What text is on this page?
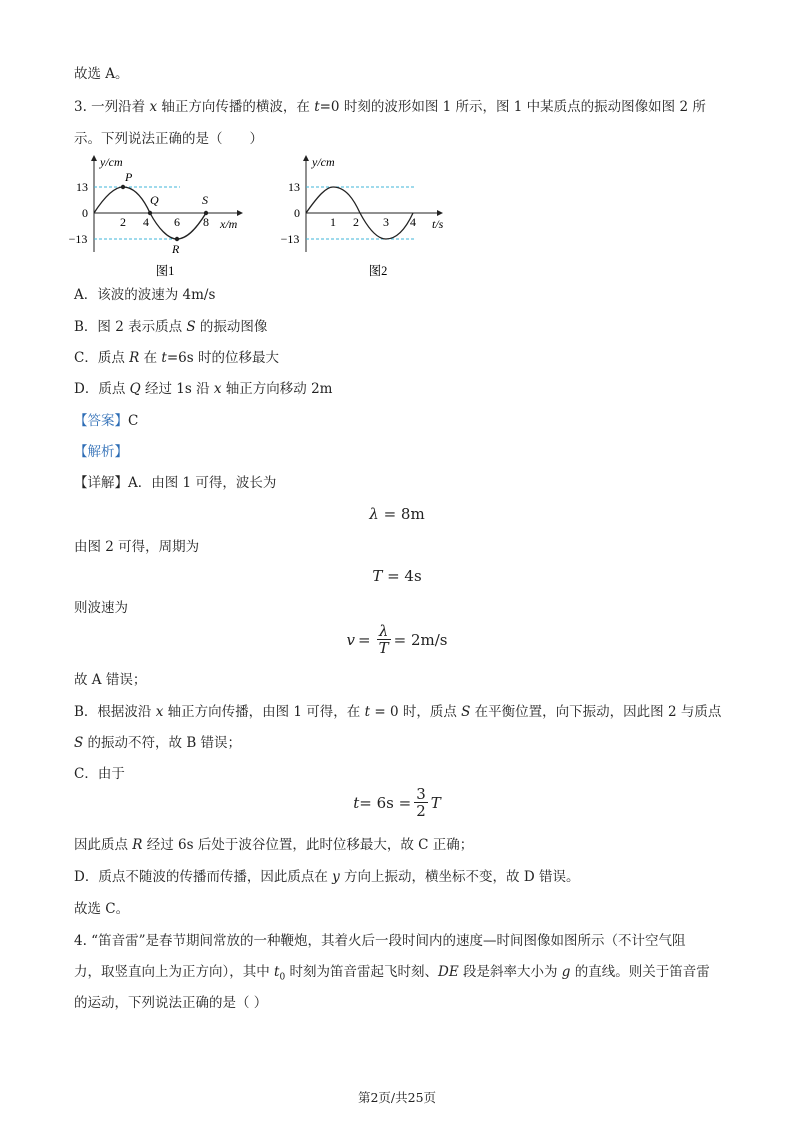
故选 A。
3. 一列沿着 x 轴正方向传播的横波，在 t=0 时刻的波形如图 1 所示，图 1 中某质点的振动图像如图 2 所
示。下列说法正确的是（　　）
y/cm
13
0
−13
2 4 6 8 x/m
P
Q
R
S
图1
y/cm
13
0
−13
1 2 3 4 t/s
图2
A．该波的波速为 4m/s
B．图 2 表示质点 S 的振动图像
C．质点 R 在 t=6s 时的位移最大
D．质点 Q 经过 1s 沿 x 轴正方向移动 2m
【答案】C
【解析】
【详解】A．由图 1 可得，波长为
λ = 8m
由图 2 可得，周期为
T = 4s
则波速为
$v = \frac{\lambda}{T} = 2m/s$
故 A 错误；
B．根据波沿 x 轴正方向传播，由图 1 可得，在 t = 0 时，质点 S 在平衡位置，向下振动，因此图 2 与质点
S 的振动不符，故 B 错误；
C．由于
$t = 6s = \frac{3}{2}$ T
因此质点 R 经过 6s 后处于波谷位置，此时位移最大，故 C 正确；
D．质点不随波的传播而传播，因此质点在 y 方向上振动，横坐标不变，故 D 错误。
故选 C。
4. “笛音雷”是春节期间常放的一种鞭炮，其着火后一段时间内的速度—时间图像如图所示（不计空气阻
力，取竖直向上为正方向），其中 $t_0$ 时刻为笛音雷起飞时刻、DE 段是斜率大小为 g 的直线。则关于笛音雷
的运动，下列说法正确的是（ ）
第2页/共25页
